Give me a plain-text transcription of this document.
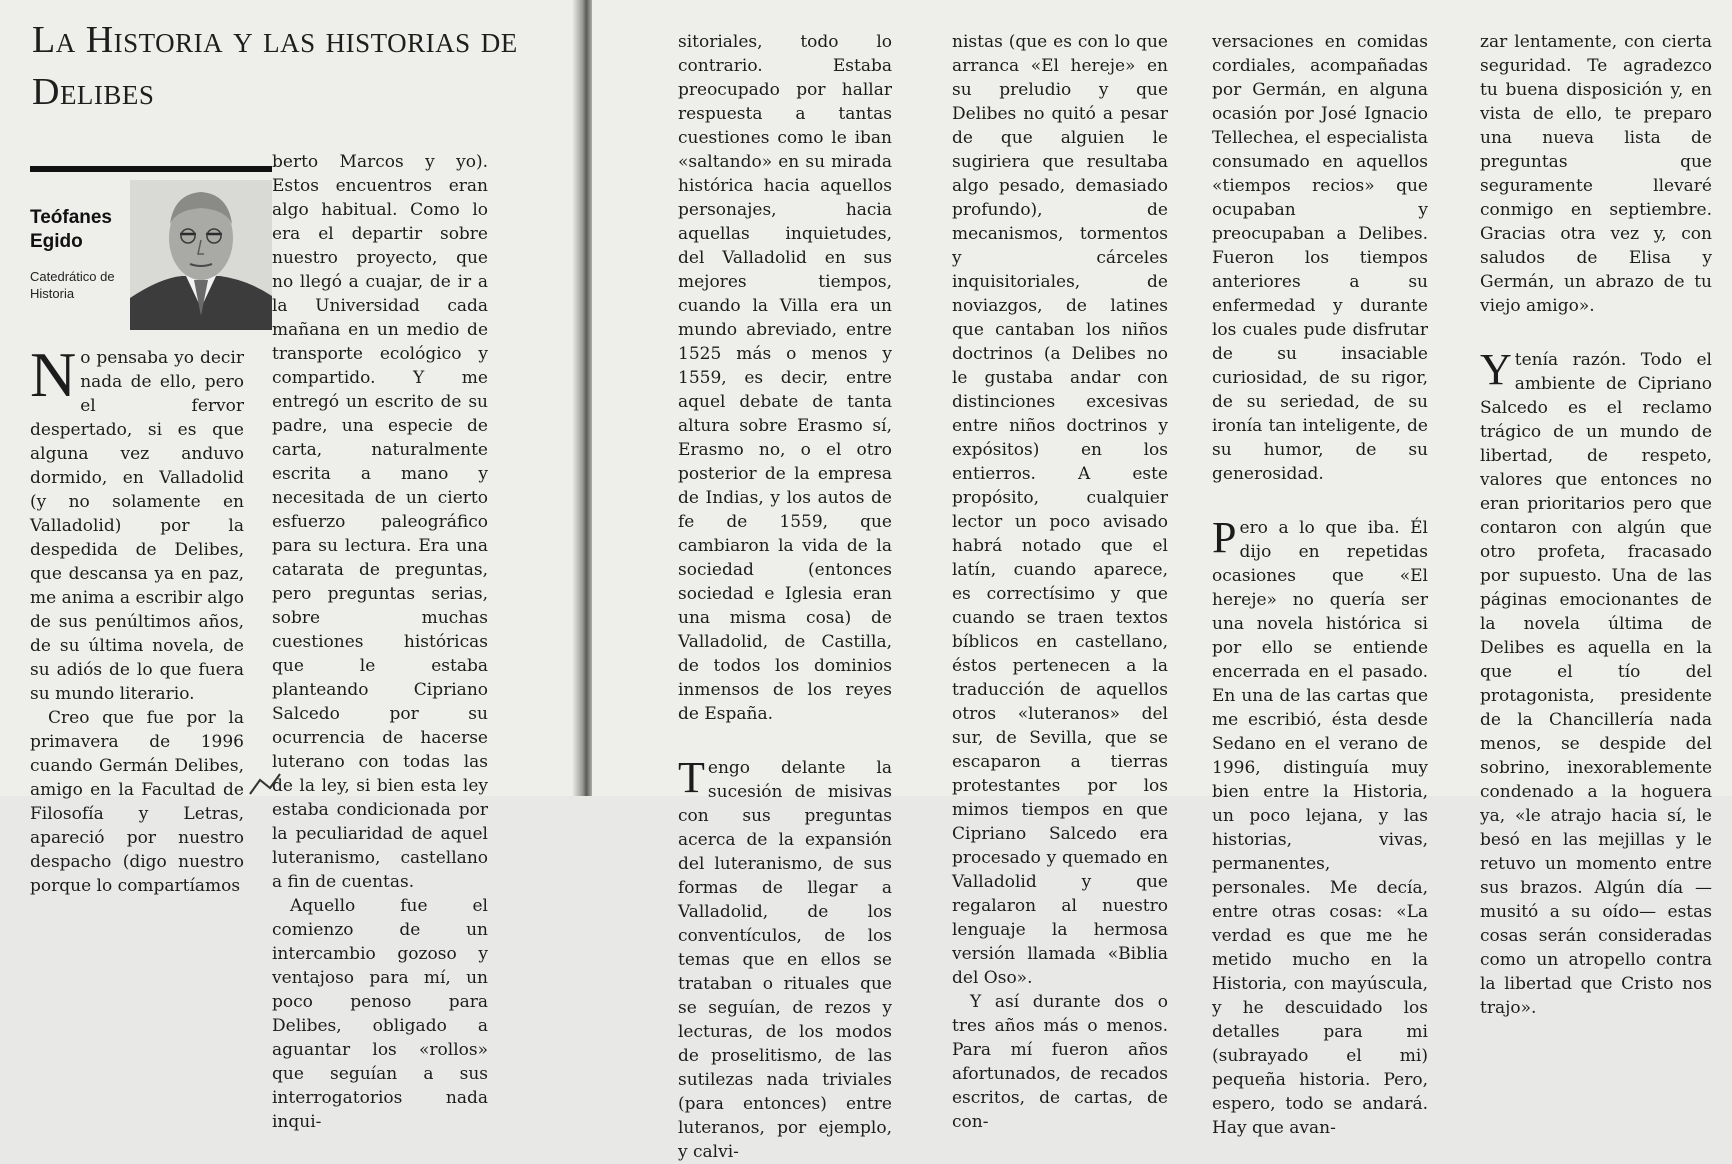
La Historia y las historias de Delibes
Teófanes Egido
Catedrático de Historia
N o pensaba yo decir nada de ello, pero el fervor despertado, si es que alguna vez anduvo dormido, en Valladolid (y no solamente en Valladolid) por la despedida de Delibes, que descansa ya en paz, me anima a escribir algo de sus penúltimos años, de su última novela, de su adiós de lo que fuera su mundo literario.

Creo que fue por la primavera de 1996 cuando Germán Delibes, amigo en la Facultad de Filosofía y Letras, apareció por nuestro despacho (digo nuestro porque lo compartíamos

berto Marcos y yo). Estos encuentros eran algo habitual. Como lo era el departir sobre nuestro proyecto, que no llegó a cuajar, de ir a la Universidad cada mañana en un medio de transporte ecológico y compartido. Y me entregó un escrito de su padre, una especie de carta, naturalmente escrita a mano y necesitada de un cierto esfuerzo paleográfico para su lectura. Era una catarata de preguntas, pero preguntas serias, sobre muchas cuestiones históricas que le estaba planteando Cipriano Salcedo por su ocurrencia de hacerse luterano con todas las de la ley, si bien esta ley estaba condicionada por la peculiaridad de aquel luteranismo, castellano a fin de cuentas.

Aquello fue el comienzo de un intercambio gozoso y ventajoso para mí, un poco penoso para Delibes, obligado a aguantar los «rollos» que seguían a sus interrogatorios nada inqui-

sitoriales, todo lo contrario. Estaba preocupado por hallar respuesta a tantas cuestiones como le iban «saltando» en su mirada histórica hacia aquellos personajes, hacia aquellas inquietudes, del Valladolid en sus mejores tiempos, cuando la Villa era un mundo abreviado, entre 1525 más o menos y 1559, es decir, entre aquel debate de tanta altura sobre Erasmo sí, Erasmo no, o el otro posterior de la empresa de Indias, y los autos de fe de 1559, que cambiaron la vida de la sociedad (entonces sociedad e Iglesia eran una misma cosa) de Valladolid, de Castilla, de todos los dominios inmensos de los reyes de España.

Tengo delante la sucesión de misivas con sus preguntas acerca de la expansión del luteranismo, de sus formas de llegar a Valladolid, de los conventículos, de los temas que en ellos se trataban o rituales que se seguían, de rezos y lecturas, de los modos de proselitismo, de las sutilezas nada triviales (para entonces) entre luteranos, por ejemplo, y calvi-

nistas (que es con lo que arranca «El hereje» en su preludio y que Delibes no quitó a pesar de que alguien le sugiriera que resultaba algo pesado, demasiado profundo), de mecanismos, tormentos y cárceles inquisitoriales, de noviazgos, de latines que cantaban los niños doctrinos (a Delibes no le gustaba andar con distinciones excesivas entre niños doctrinos y expósitos) en los entierros. A este propósito, cualquier lector un poco avisado habrá notado que el latín, cuando aparece, es correctísimo y que cuando se traen textos bíblicos en castellano, éstos pertenecen a la traducción de aquellos otros «luteranos» del sur, de Sevilla, que se escaparon a tierras protestantes por los mimos tiempos en que Cipriano Salcedo era procesado y quemado en Valladolid y que regalaron al nuestro lenguaje la hermosa versión llamada «Biblia del Oso».

Y así durante dos o tres años más o menos. Para mí fueron años afortunados, de recados escritos, de cartas, de con-

versaciones en comidas cordiales, acompañadas por Germán, en alguna ocasión por José Ignacio Tellechea, el especialista consumado en aquellos «tiempos recios» que ocupaban y preocupaban a Delibes. Fueron los tiempos anteriores a su enfermedad y durante los cuales pude disfrutar de su insaciable curiosidad, de su rigor, de su seriedad, de su ironía tan inteligente, de su humor, de su generosidad.

Pero a lo que iba. Él dijo en repetidas ocasiones que «El hereje» no quería ser una novela histórica si por ello se entiende encerrada en el pasado. En una de las cartas que me escribió, ésta desde Sedano en el verano de 1996, distinguía muy bien entre la Historia, un poco lejana, y las historias, vivas, permanentes, personales. Me decía, entre otras cosas: «La verdad es que me he metido mucho en la Historia, con mayúscula, y he descuidado los detalles para mi (subrayado el mi) pequeña historia. Pero, espero, todo se andará. Hay que avan-

zar lentamente, con cierta seguridad. Te agradezco tu buena disposición y, en vista de ello, te preparo una nueva lista de preguntas que seguramente llevaré conmigo en septiembre. Gracias otra vez y, con saludos de Elisa y Germán, un abrazo de tu viejo amigo».

Ytenía razón. Todo el ambiente de Cipriano Salcedo es el reclamo trágico de un mundo de libertad, de respeto, valores que entonces no eran prioritarios pero que contaron con algún que otro profeta, fracasado por supuesto. Una de las páginas emocionantes de la novela última de Delibes es aquella en la que el tío del protagonista, presidente de la Chancillería nada menos, se despide del sobrino, inexorablemente condenado a la hoguera ya, «le atrajo hacia sí, le besó en las mejillas y le retuvo un momento entre sus brazos. Algún día —musitó a su oído— estas cosas serán consideradas como un atropello contra la libertad que Cristo nos trajo».
